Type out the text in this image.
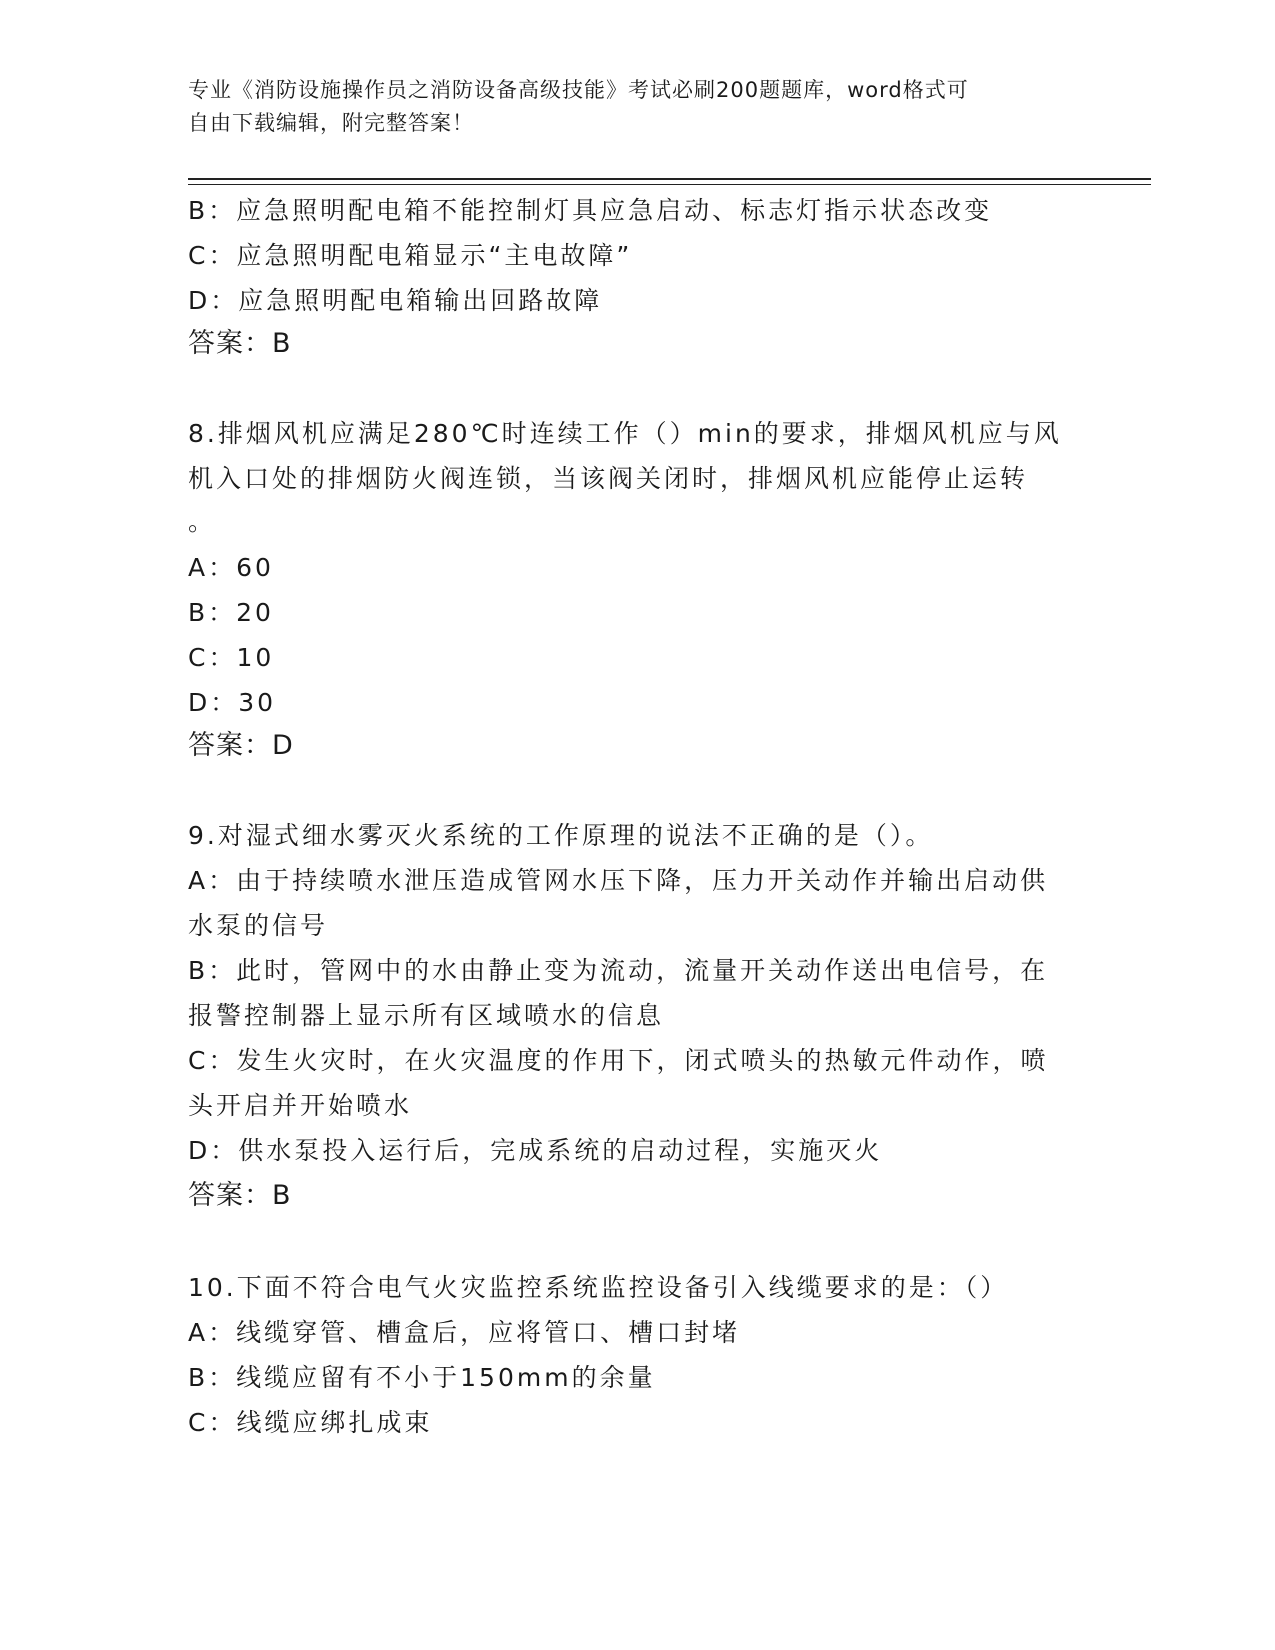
专业《消防设施操作员之消防设备高级技能》考试必刷200题题库，word格式可
自由下载编辑，附完整答案！
B：应急照明配电箱不能控制灯具应急启动、标志灯指示状态改变
C：应急照明配电箱显示“主电故障”
D：应急照明配电箱输出回路故障
答案：B
8.排烟风机应满足280℃时连续工作（）min的要求，排烟风机应与风
机入口处的排烟防火阀连锁，当该阀关闭时，排烟风机应能停止运转
。
A：60
B：20
C：10
D：30
答案：D
9.对湿式细水雾灭火系统的工作原理的说法不正确的是（）。
A：由于持续喷水泄压造成管网水压下降，压力开关动作并输出启动供
水泵的信号
B：此时，管网中的水由静止变为流动，流量开关动作送出电信号，在
报警控制器上显示所有区域喷水的信息
C：发生火灾时，在火灾温度的作用下，闭式喷头的热敏元件动作，喷
头开启并开始喷水
D：供水泵投入运行后，完成系统的启动过程，实施灭火
答案：B
10.下面不符合电气火灾监控系统监控设备引入线缆要求的是：（）
A：线缆穿管、槽盒后，应将管口、槽口封堵
B：线缆应留有不小于150mm的余量
C：线缆应绑扎成束
